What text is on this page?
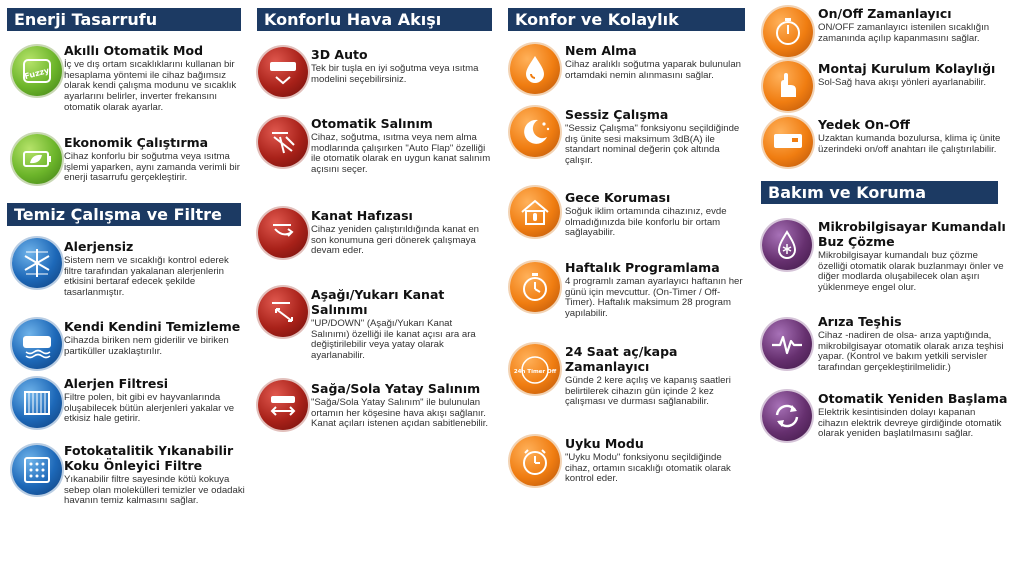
Enerji Tasarrufu
Fuzzy
Akıllı Otomatik Mod
İç ve dış ortam sıcaklıklarını kullanan bir hesaplama yöntemi ile cihaz bağımsız olarak kendi çalışma modunu ve sıcaklık ayarlarını belirler, inverter frekansını otomatik olarak ayarlar.
Ekonomik Çalıştırma
Cihaz konforlu bir soğutma veya ısıtma işlemi yaparken, aynı zamanda verimli bir enerji tasarrufu gerçekleştirir.
Temiz Çalışma ve Filtre
Alerjensiz
Sistem nem ve sıcaklığı kontrol ederek filtre tarafından yakalanan alerjenlerin etkisini bertaraf edecek şekilde tasarlanmıştır.
Kendi Kendini Temizleme
Cihazda biriken nem giderilir ve biriken partiküller uzaklaştırılır.
Alerjen Filtresi
Filtre polen, bit gibi ev hayvanlarında oluşabilecek bütün alerjenleri yakalar ve etkisiz hale getirir.
Fotokatalitik Yıkanabilir Koku Önleyici Filtre
Yıkanabilir filtre sayesinde kötü kokuya sebep olan molekülleri temizler ve odadaki havanın temiz kalmasını sağlar.
Konforlu Hava Akışı
3D Auto
Tek bir tuşla en iyi soğutma veya ısıtma modelini seçebilirsiniz.
Otomatik Salınım
Cihaz, soğutma, ısıtma veya nem alma modlarında çalışırken "Auto Flap" özelliği ile otomatik olarak en uygun kanat salınım açısını seçer.
Kanat Hafızası
Cihaz yeniden çalıştırıldığında kanat en son konumuna geri dönerek çalışmaya devam eder.
Aşağı/Yukarı Kanat Salınımı
"UP/DOWN" (Aşağı/Yukarı Kanat Salınımı) özelliği ile kanat açısı ara ara değiştirilebilir veya yatay olarak ayarlanabilir.
Sağa/Sola Yatay Salınım
"Sağa/Sola Yatay Salınım" ile bulunulan ortamın her köşesine hava akışı sağlanır. Kanat açıları istenen açıdan sabitlenebilir.
Konfor ve Kolaylık
Nem Alma
Cihaz aralıklı soğutma yaparak bulunulan ortamdaki nemin alınmasını sağlar.
Sessiz Çalışma
"Sessiz Çalışma" fonksiyonu seçildiğinde dış ünite sesi maksimum 3dB(A) ile standart nominal değerin çok altında çalışır.
Gece Koruması
Soğuk iklim ortamında cihazınız, evde olmadığınızda bile konforlu bir ortam sağlayabilir.
Haftalık Programlama
4 programlı zaman ayarlayıcı haftanın her günü için mevcuttur. (On-Timer / Off-Timer). Haftalık maksimum 28 program yapılabilir.
24h Timer Off
24 Saat aç/kapa Zamanlayıcı
Günde 2 kere açılış ve kapanış saatleri belirtilerek cihazın gün içinde 2 kez çalışması ve durması sağlanabilir.
Uyku Modu
"Uyku Modu" fonksiyonu seçildiğinde cihaz, ortamın sıcaklığı otomatik olarak kontrol eder.
On/Off Zamanlayıcı
ON/OFF zamanlayıcı istenilen sıcaklığın zamanında açılıp kapanmasını sağlar.
Montaj Kurulum Kolaylığı
Sol-Sağ hava akışı yönleri ayarlanabilir.
Yedek On-Off
Uzaktan kumanda bozulursa, klima iç ünite üzerindeki on/off anahtarı ile çalıştırılabilir.
Bakım ve Koruma
Mikrobilgisayar Kumandalı Buz Çözme
Mikrobilgisayar kumandalı buz çözme özelliği otomatik olarak buzlanmayı önler ve diğer modlarda oluşabilecek olan aşırı yüklenmeye engel olur.
Arıza Teşhis
Cihaz -nadiren de olsa- arıza yaptığında, mikrobilgisayar otomatik olarak arıza teşhisi yapar. (Kontrol ve bakım yetkili servisler tarafından gerçekleştirilmelidir.)
Otomatik Yeniden Başlama
Elektrik kesintisinden dolayı kapanan cihazın elektrik devreye girdiğinde otomatik olarak yeniden başlatılmasını sağlar.
